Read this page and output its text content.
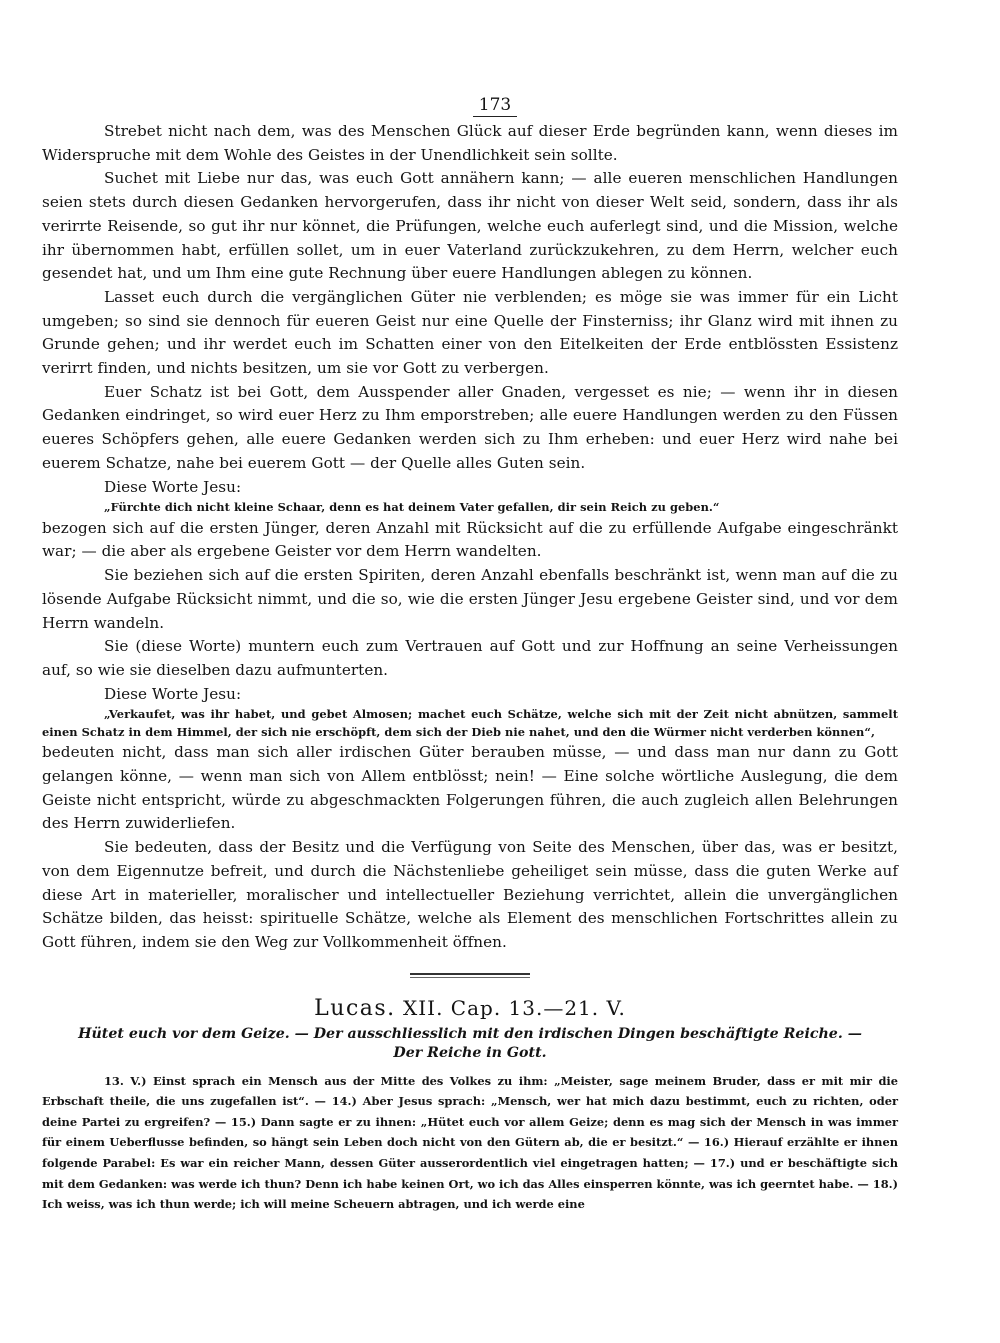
173

Strebet nicht nach dem, was des Menschen Glück auf dieser Erde begründen kann, wenn dieses im Widerspruche mit dem Wohle des Geistes in der Unendlichkeit sein sollte.

Suchet mit Liebe nur das, was euch Gott annähern kann; — alle eueren menschlichen Handlungen seien stets durch diesen Gedanken hervorgerufen, dass ihr nicht von dieser Welt seid, sondern, dass ihr als verirrte Reisende, so gut ihr nur könnet, die Prüfungen, welche euch auferlegt sind, und die Mission, welche ihr übernommen habt, erfüllen sollet, um in euer Vaterland zurückzukehren, zu dem Herrn, welcher euch gesendet hat, und um Ihm eine gute Rechnung über euere Handlungen ablegen zu können.

Lasset euch durch die vergänglichen Güter nie verblenden; es möge sie was immer für ein Licht umgeben; so sind sie dennoch für eueren Geist nur eine Quelle der Finsterniss; ihr Glanz wird mit ihnen zu Grunde gehen; und ihr werdet euch im Schatten einer von den Eitelkeiten der Erde entblössten Essistenz verirrt finden, und nichts besitzen, um sie vor Gott zu verbergen.

Euer Schatz ist bei Gott, dem Ausspender aller Gnaden, vergesset es nie; — wenn ihr in diesen Gedanken eindringet, so wird euer Herz zu Ihm emporstreben; alle euere Handlungen werden zu den Füssen eueres Schöpfers gehen, alle euere Gedanken werden sich zu Ihm erheben: und euer Herz wird nahe bei euerem Schatze, nahe bei euerem Gott — der Quelle alles Guten sein.

Diese Worte Jesu:

„Fürchte dich nicht kleine Schaar, denn es hat deinem Vater gefallen, dir sein Reich zu geben.“

bezogen sich auf die ersten Jünger, deren Anzahl mit Rücksicht auf die zu erfüllende Aufgabe eingeschränkt war; — die aber als ergebene Geister vor dem Herrn wandelten.

Sie beziehen sich auf die ersten Spiriten, deren Anzahl ebenfalls beschränkt ist, wenn man auf die zu lösende Aufgabe Rücksicht nimmt, und die so, wie die ersten Jünger Jesu ergebene Geister sind, und vor dem Herrn wandeln.

Sie (diese Worte) muntern euch zum Vertrauen auf Gott und zur Hoffnung an seine Verheissungen auf, so wie sie dieselben dazu aufmunterten.

Diese Worte Jesu:

„Verkaufet, was ihr habet, und gebet Almosen; machet euch Schätze, welche sich mit der Zeit nicht abnützen, sammelt einen Schatz in dem Himmel, der sich nie erschöpft, dem sich der Dieb nie nahet, und den die Würmer nicht verderben können“,

bedeuten nicht, dass man sich aller irdischen Güter berauben müsse, — und dass man nur dann zu Gott gelangen könne, — wenn man sich von Allem entblösst; nein! — Eine solche wörtliche Auslegung, die dem Geiste nicht entspricht, würde zu abgeschmackten Folgerungen führen, die auch zugleich allen Belehrungen des Herrn zuwiderliefen.

Sie bedeuten, dass der Besitz und die Verfügung von Seite des Menschen, über das, was er besitzt, von dem Eigennutze befreit, und durch die Nächstenliebe geheiliget sein müsse, dass die guten Werke auf diese Art in materieller, moralischer und intellectueller Beziehung verrichtet, allein die unvergänglichen Schätze bilden, das heisst: spirituelle Schätze, welche als Element des menschlichen Fortschrittes allein zu Gott führen, indem sie den Weg zur Vollkommenheit öffnen.

Lucas. XII. Cap. 13.—21. V.
Hütet euch vor dem Geize. — Der ausschliesslich mit den irdischen Dingen beschäftigte Reiche. —
Der Reiche in Gott.

13. V.) Einst sprach ein Mensch aus der Mitte des Volkes zu ihm: „Meister, sage meinem Bruder, dass er mit mir die Erbschaft theile, die uns zugefallen ist“. — 14.) Aber Jesus sprach: „Mensch, wer hat mich dazu bestimmt, euch zu richten, oder deine Partei zu ergreifen? — 15.) Dann sagte er zu ihnen: „Hütet euch vor allem Geize; denn es mag sich der Mensch in was immer für einem Ueberflusse befinden, so hängt sein Leben doch nicht von den Gütern ab, die er besitzt.“ — 16.) Hierauf erzählte er ihnen folgende Parabel: Es war ein reicher Mann, dessen Güter ausserordentlich viel eingetragen hatten; — 17.) und er beschäftigte sich mit dem Gedanken: was werde ich thun? Denn ich habe keinen Ort, wo ich das Alles einsperren könnte, was ich geerntet habe. — 18.) Ich weiss, was ich thun werde; ich will meine Scheuern abtragen, und ich werde eine
